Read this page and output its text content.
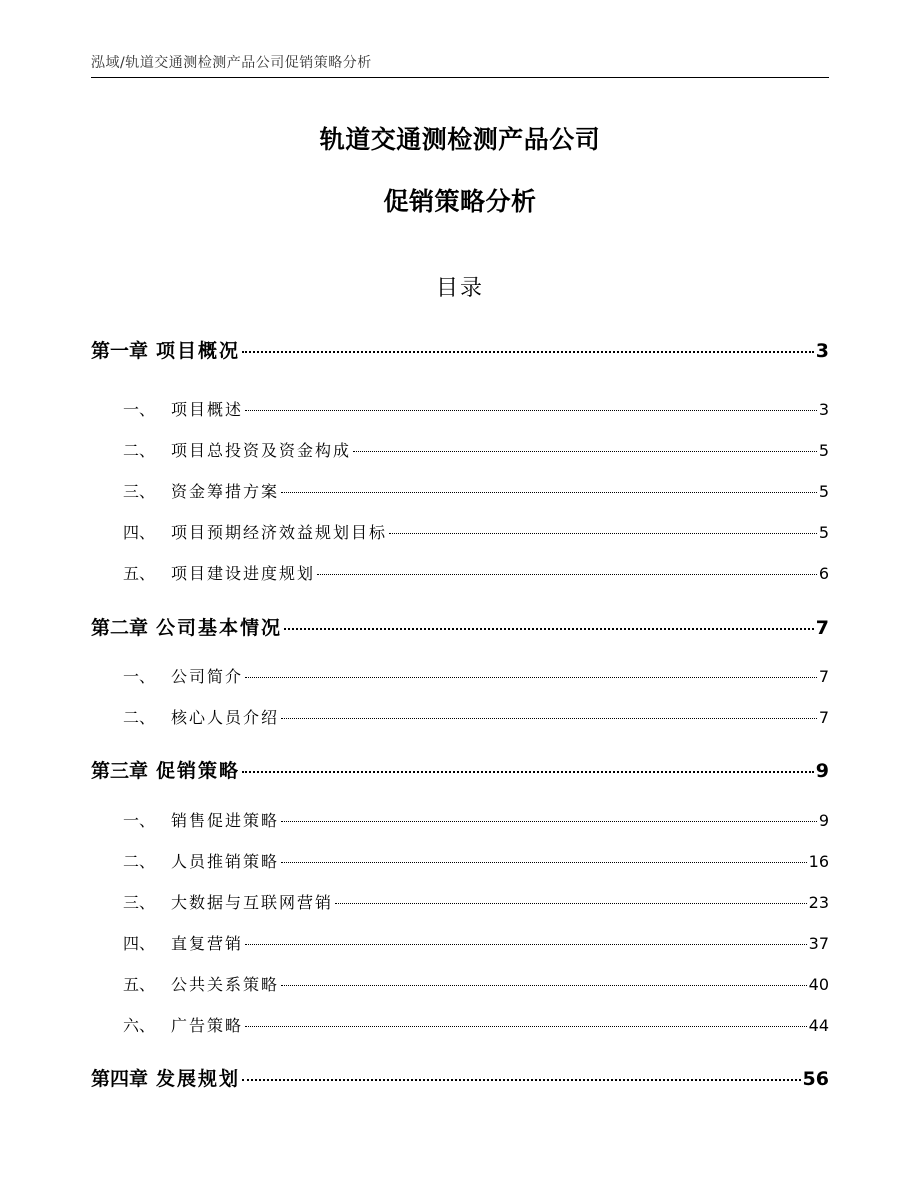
泓域/轨道交通测检测产品公司促销策略分析
轨道交通测检测产品公司
促销策略分析
目录
第一章 项目概况	3
一、 项目概述	3
二、 项目总投资及资金构成	5
三、 资金筹措方案	5
四、 项目预期经济效益规划目标	5
五、 项目建设进度规划	6
第二章 公司基本情况	7
一、 公司简介	7
二、 核心人员介绍	7
第三章 促销策略	9
一、 销售促进策略	9
二、 人员推销策略	16
三、 大数据与互联网营销	23
四、 直复营销	37
五、 公共关系策略	40
六、 广告策略	44
第四章 发展规划	56
